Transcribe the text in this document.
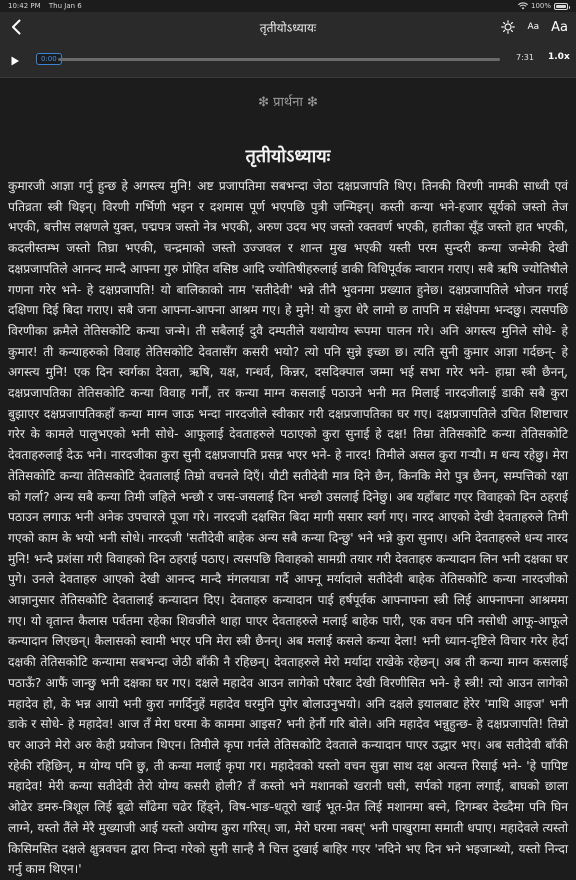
10:42 PM Thu Jan 6	100%
तृतीयोऽध्यायः	Aa Aa
0:00	7:31 1.0x
❇ प्रार्थना ❇
तृतीयोऽध्यायः

कुमारजी आज्ञा गर्नु हुन्छ हे अगस्त्य मुनि! अष्ट प्रजापतिमा सबभन्दा जेठा दक्षप्रजापति थिए। तिनकी विरणी नामकी साध्वी एवं पतिव्रता स्त्री थिइन्। विरणी गर्भिणी भइन र दशमास पूर्ण भएपछि पुत्री जन्मिइन्। कस्ती कन्या भने-हजार सूर्यको जस्तो तेज भएकी, बत्तीस लक्षणले युक्त, पद्मपत्र जस्तो नेत्र भएकी, अरुण उदय भए जस्तो रक्तवर्ण भएकी, हातीका सूँड जस्तो हात भएकी, कदलीस्तम्भ जस्तो तिघ्रा भएकी, चन्द्रमाको जस्तो उज्जवल र शान्त मुख भएकी यस्ती परम सुन्दरी कन्या जन्मेकी देखी दक्षप्रजापतिले आनन्द मान्दै आफ्ना गुरु प्रोहित वसिष्ठ आदि ज्योतिषीहरुलाई डाकी विधिपूर्वक न्वारान गराए। सबै ऋषि ज्योतिषीले गणना गरेर भने- हे दक्षप्रजापति! यो बालिकाको नाम 'सतीदेवी' भन्ने तीनै भुवनमा प्रख्यात हुनेछ। दक्षप्रजापतिले भोजन गराई दक्षिणा दिई बिदा गराए। सबै जना आफ्ना-आफ्ना आश्रम गए। हे मुने! यो कुरा धेरै लामो छ तापनि म संक्षेपमा भन्दछु। त्यसपछि विरणीका क्रमैले तेतिसकोटि कन्या जन्मे। ती सबैलाई दुवै दम्पतीले यथायोग्य रूपमा पालन गरे। अनि अगस्त्य मुनिले सोधे- हे कुमार! ती कन्याहरुको विवाह तेतिसकोटि देवतासँग कसरी भयो? त्यो पनि सुन्ने इच्छा छ। त्यति सुनी कुमार आज्ञा गर्दछन्- हे अगस्त्य मुनि! एक दिन स्वर्गका देवता, ऋषि, यक्ष, गन्धर्व, किन्नर, दसदिक्पाल जम्मा भई सभा गरेर भने- हाम्रा स्त्री छैनन्, दक्षप्रजापतिका तेतिसकोटि कन्या विवाह गर्नौं, तर कन्या माग्न कसलाई पठाउने भनी मत मिलाई नारदजीलाई डाकी सबै कुरा बुझाएर दक्षप्रजापतिकहाँ कन्या माग्न जाऊ भन्दा नारदजीले स्वीकार गरी दक्षप्रजापतिका घर गए। दक्षप्रजापतिले उचित शिष्टाचार गरेर के कामले पालुभएको भनी सोधे- आफूलाई देवताहरुले पठाएको कुरा सुनाई हे दक्ष! तिम्रा तेतिसकोटि कन्या तेतिसकोटि देवताहरुलाई देऊ भने। नारदजीका कुरा सुनी दक्षप्रजापति प्रसन्न भएर भने- हे नारद! तिमीले असल कुरा गर्‍यौ। म धन्य रहेछु। मेरा तेतिसकोटि कन्या तेतिसकोटि देवतालाई तिम्रो वचनले दिएँ। यौटी सतीदेवी मात्र दिने छैन, किनकि मेरो पुत्र छैनन्, सम्पत्तिको रक्षा को गर्ला? अन्य सबै कन्या तिमी जहिले भन्छौ र जस-जसलाई दिन भन्छौ उसलाई दिनेछु। अब यहाँबाट गएर विवाहको दिन ठहराई पठाउन लगाऊ भनी अनेक उपचारले पूजा गरे। नारदजी दक्षसित बिदा मागी ससार स्वर्ग गए। नारद आएको देखी देवताहरुले तिमी गएको काम के भयो भनी सोधे। नारदजी 'सतीदेवी बाहेक अन्य सबै कन्या दिन्छु' भने भन्ने कुरा सुनाए। अनि देवताहरुले धन्य नारद मुनि! भन्दै प्रशंसा गरी विवाहको दिन ठहराई पठाए। त्यसपछि विवाहको सामग्री तयार गरी देवताहरु कन्यादान लिन भनी दक्षका घर पुगे। उनले देवताहरु आएको देखी आनन्द मान्दै मंगलयात्रा गर्दै आफ्नू मर्यादाले सतीदेवी बाहेक तेतिसकोटि कन्या नारदजीको आज्ञानुसार तेतिसकोटि देवतालाई कन्यादान दिए। देवताहरु कन्यादान पाई हर्षपूर्वक आफ्नाफ्ना स्त्री लिई आफ्नाफ्ना आश्रममा गए। यो वृतान्त कैलास पर्वतमा रहेका शिवजीले थाहा पाएर देवताहरुले मलाई बाहेक पारी, एक वचन पनि नसोधी आफू-आफूले कन्यादान लिएछन्। कैलासको स्वामी भएर पनि मेरा स्त्री छैनन्। अब मलाई कसले कन्या देला! भनी ध्यान-दृष्टिले विचार गरेर हेर्दा दक्षकी तेतिसकोटि कन्यामा सबभन्दा जेठी बाँकी नै रहिछन्। देवताहरुले मेरो मर्यादा राखेके रहेछन्। अब ती कन्या माग्न कसलाई पठाऊँ? आफैं जान्छु भनी दक्षका घर गए। दक्षले महादेव आउन लागेको परैबाट देखी विरणीसित भने- हे स्त्री! त्यो आउन लागेको महादेव हो, के भन्न आयो भनी कुरा नगर्दिनुहें महादेव घरमुनि पुगेर बोलाउनुभयो। अनि दक्षले इयालबाट हेरेर 'माथि आइज' भनी डाके र सोधे- हे महादेव! आज तँ मेरा घरमा के काममा आइस? भनी हेर्नौ गरि बोले। अनि महादेव भन्नुहुन्छ- हे दक्षप्रजापति! तिम्रो घर आउने मेरो अरु केही प्रयोजन थिएन। तिमीले कृपा गर्नले तेतिसकोटि देवताले कन्यादान पाएर उद्धार भए। अब सतीदेवी बाँकी रहेकी रहिछिन्, म योग्य पनि छु, ती कन्या मलाई कृपा गर। महादेवको यस्तो वचन सुन्ना साथ दक्ष अत्यन्त रिसाई भने- 'हे पापिष्ट महादेव! मेरी कन्या सतीदेवी तेरो योग्य कसरी होली? तँ कस्तो भने मशानको खरानी घसी, सर्पको गहना लगाई, बाघको छाला ओढेर डमरु-त्रिशूल लिई बूढो साँढेमा चढेर हिंड्ने, विष-भाङ-धतूरो खाई भूत-प्रेत लिई मशानमा बस्ने, दिगम्बर देख्दैमा पनि घिन लाग्ने, यस्तो तैंले मेरै मुख्याजी आई यस्तो अयोग्य कुरा गरिस्। जा, मेरो घरमा नबस्' भनी पाखुरामा समाती धपाए। महादेवले त्यस्तो किसिमसित दक्षले क्षुत्रवचन द्वारा निन्दा गरेको सुनी सान्है नै चित्त दुखाई बाहिर गएर 'नदिने भए दिन भने भइजान्थ्यो, यस्तो निन्दा गर्नु काम थिएन।'
